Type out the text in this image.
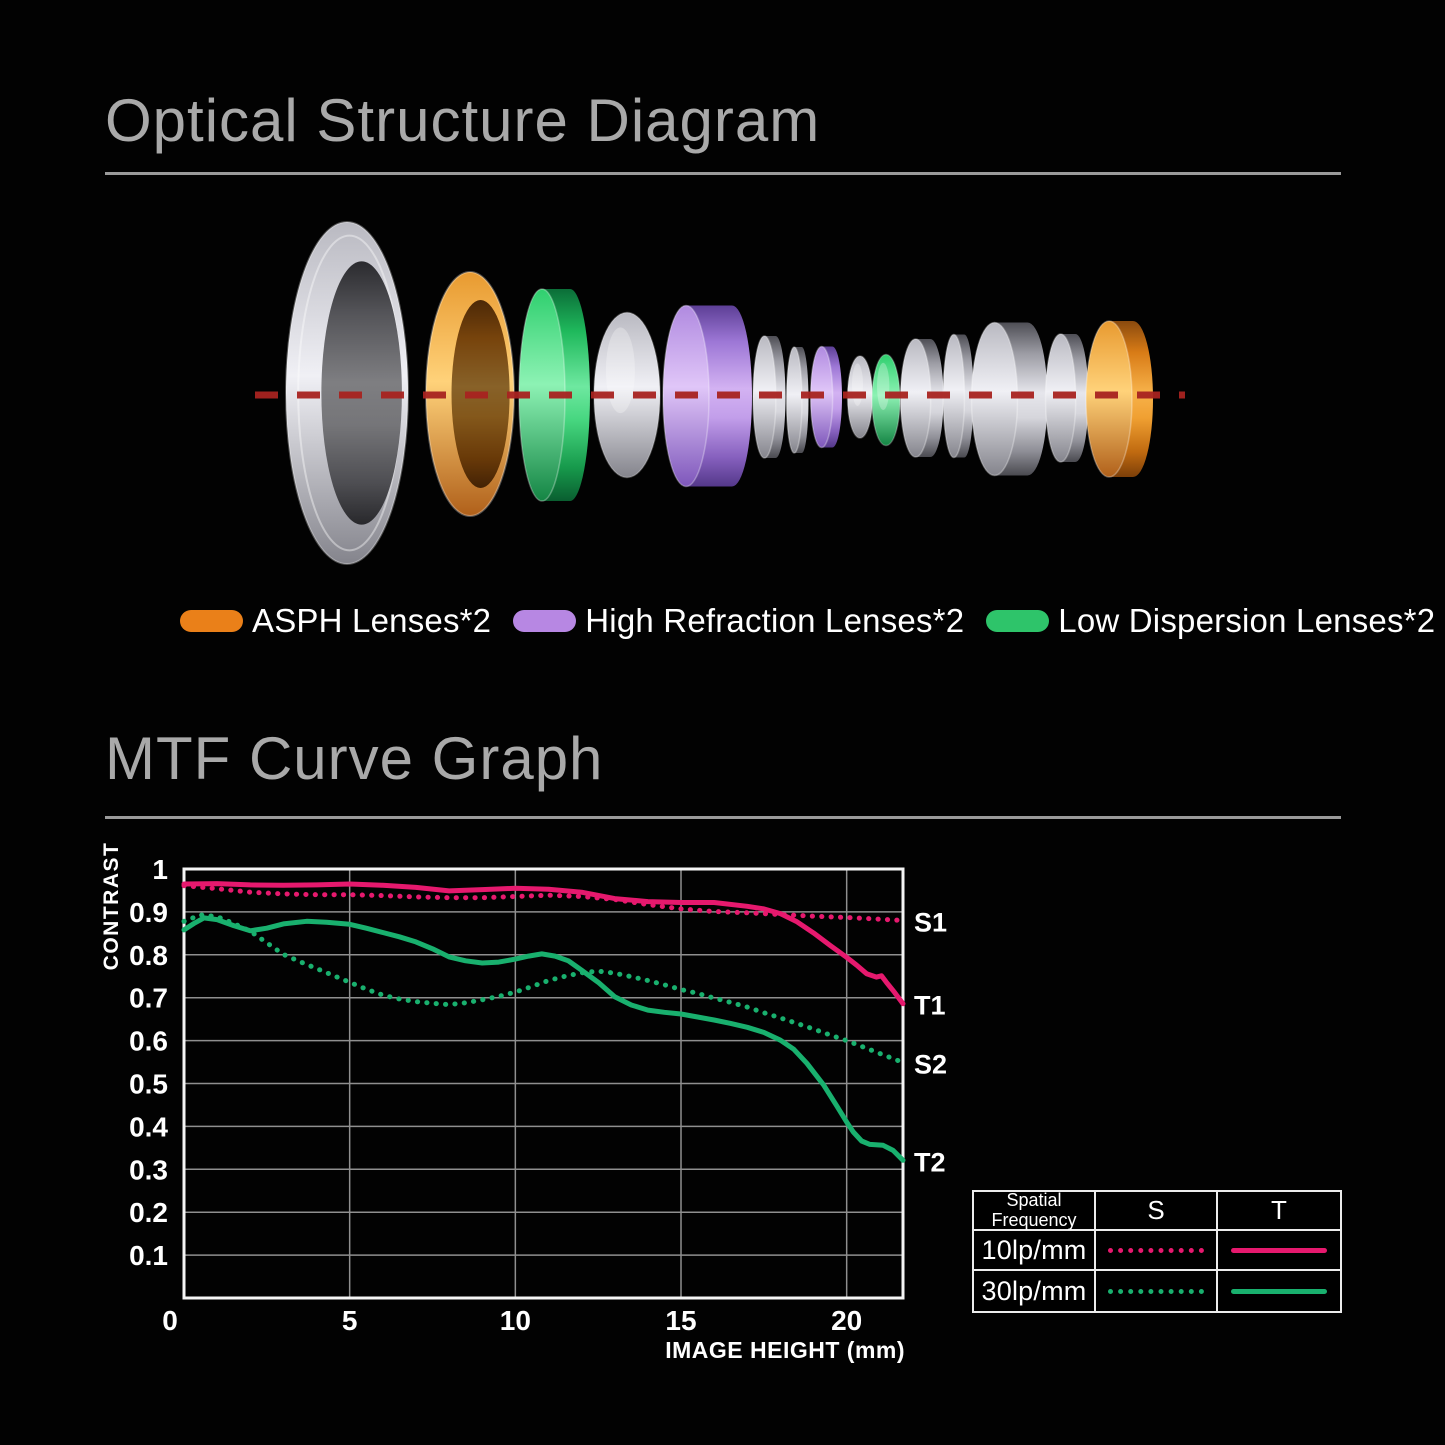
Optical Structure Diagram
ASPH Lenses*2	High Refraction Lenses*2	Low Dispersion Lenses*2
MTF Curve Graph
S1
T1
S2
T2
0
0.1
0.2
0.3
0.4
0.5
0.6
0.7
0.8
0.9
1
5	10	15	20
CONTRAST
IMAGE HEIGHT (mm)
Spatial Frequency	S	T
10lp/mm
30lp/mm
